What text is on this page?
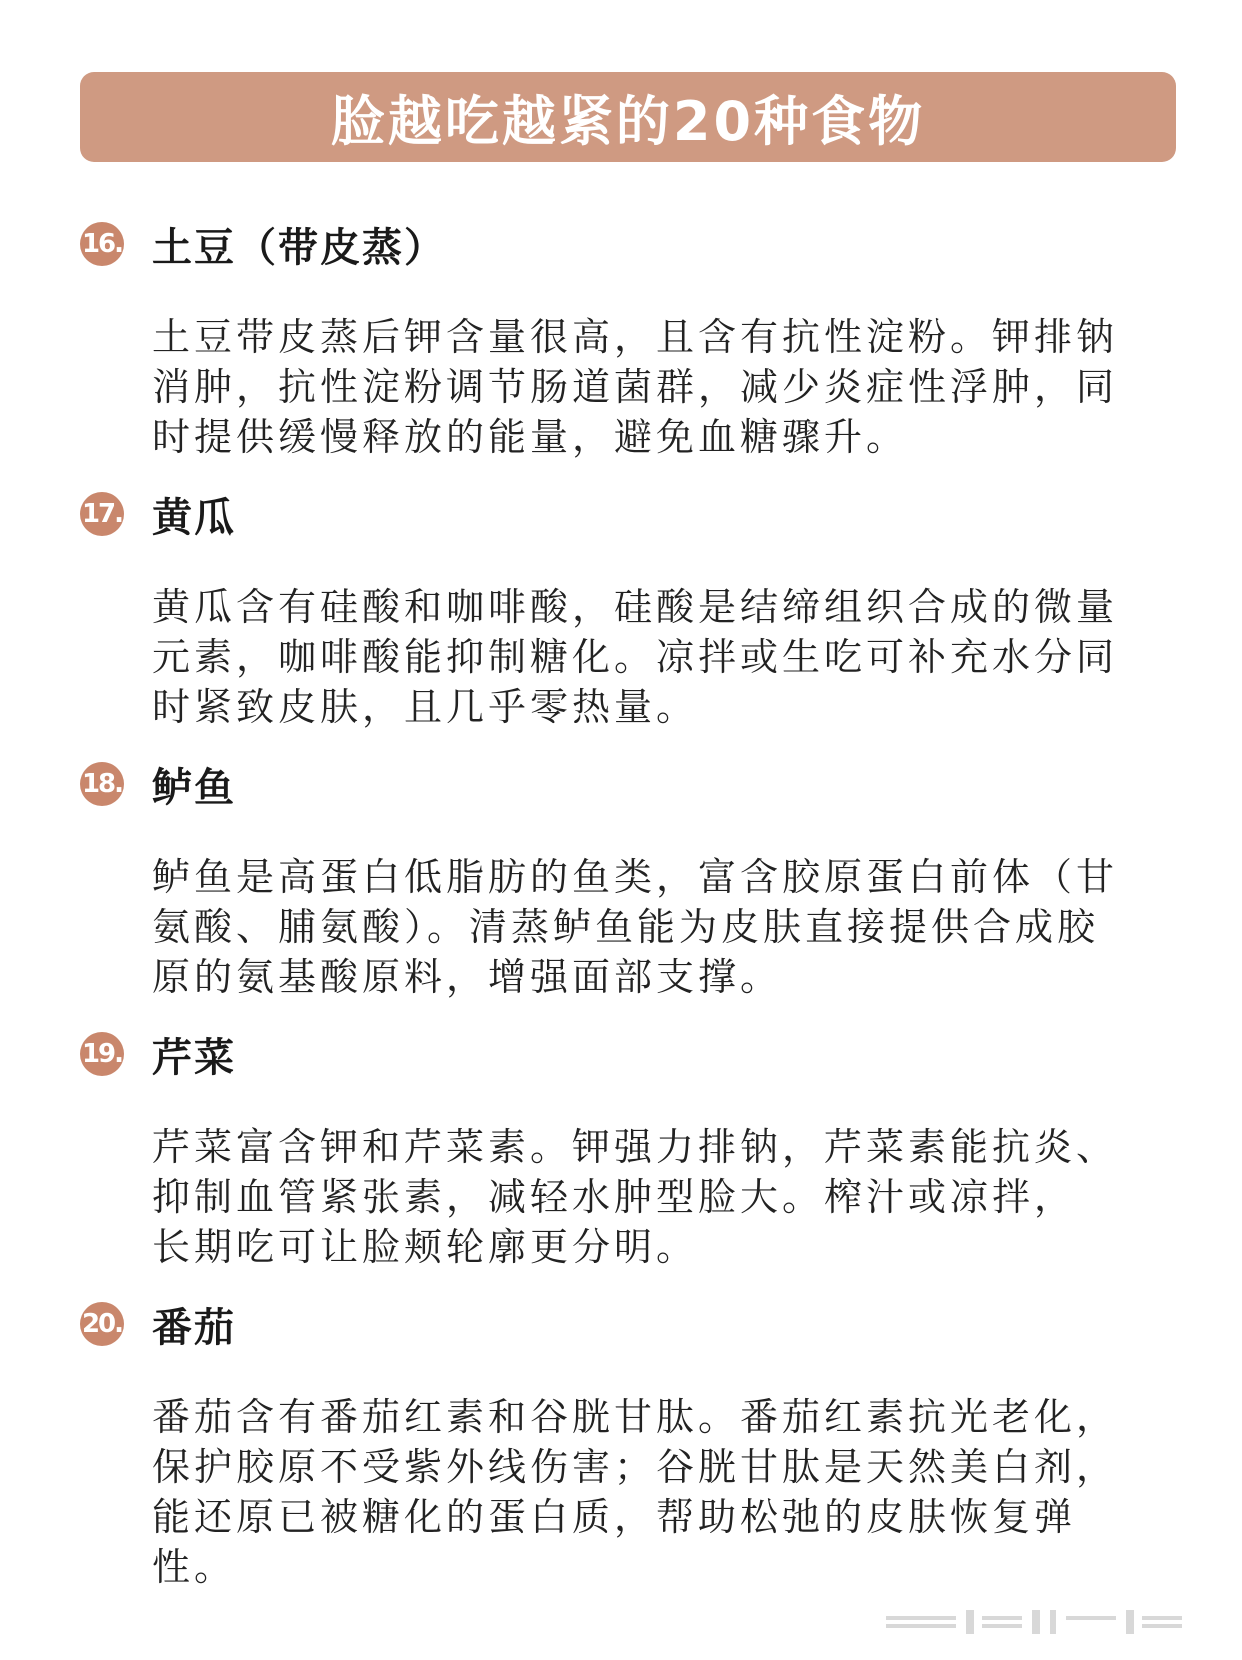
脸越吃越紧的20种食物
16. 土豆（带皮蒸）
土豆带皮蒸后钾含量很高，且含有抗性淀粉。钾排钠
消肿，抗性淀粉调节肠道菌群，减少炎症性浮肿，同
时提供缓慢释放的能量，避免血糖骤升。
17. 黄瓜
黄瓜含有硅酸和咖啡酸，硅酸是结缔组织合成的微量
元素，咖啡酸能抑制糖化。凉拌或生吃可补充水分同
时紧致皮肤，且几乎零热量。
18. 鲈鱼
鲈鱼是高蛋白低脂肪的鱼类，富含胶原蛋白前体（甘
氨酸、脯氨酸）。清蒸鲈鱼能为皮肤直接提供合成胶
原的氨基酸原料，增强面部支撑。
19. 芹菜
芹菜富含钾和芹菜素。钾强力排钠，芹菜素能抗炎、
抑制血管紧张素，减轻水肿型脸大。榨汁或凉拌，
长期吃可让脸颊轮廓更分明。
20. 番茄
番茄含有番茄红素和谷胱甘肽。番茄红素抗光老化，
保护胶原不受紫外线伤害；谷胱甘肽是天然美白剂，
能还原已被糖化的蛋白质，帮助松弛的皮肤恢复弹
性。
